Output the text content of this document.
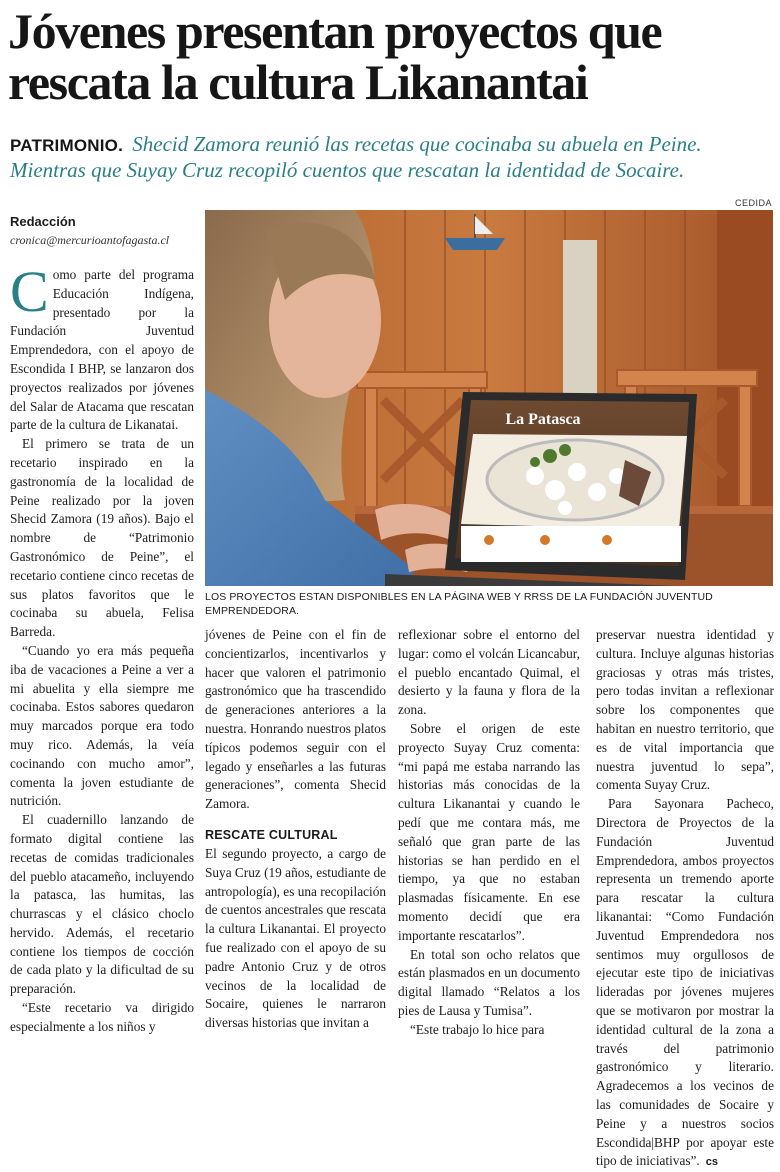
Jóvenes presentan proyectos que rescata la cultura Likanantai
PATRIMONIO. Shecid Zamora reunió las recetas que cocinaba su abuela en Peine. Mientras que Suyay Cruz recopiló cuentos que rescatan la identidad de Socaire.
Redacción
cronica@mercurioantofagasta.cl
CEDIDA
La Patasca
LOS PROYECTOS ESTAN DISPONIBLES EN LA PÁGINA WEB Y RRSS DE LA FUNDACIÓN JUVENTUD EMPRENDEDORA.

Como parte del programa Educación Indígena, presentado por la Fundación Juventud Emprendedora, con el apoyo de Escondida I BHP, se lanzaron dos proyectos realizados por jóvenes del Salar de Atacama que rescatan parte de la cultura de Likanatai.

El primero se trata de un recetario inspirado en la gastronomía de la localidad de Peine realizado por la joven Shecid Zamora (19 años). Bajo el nombre de “Patrimonio Gastronómico de Peine”, el recetario contiene cinco recetas de sus platos favoritos que le cocinaba su abuela, Felisa Barreda.

“Cuando yo era más pequeña iba de vacaciones a Peine a ver a mi abuelita y ella siempre me cocinaba. Estos sabores quedaron muy marcados porque era todo muy rico. Además, la veía cocinando con mucho amor”, comenta la joven estudiante de nutrición.

El cuadernillo lanzando de formato digital contiene las recetas de comidas tradicionales del pueblo atacameño, incluyendo la patasca, las humitas, las churrascas y el clásico choclo hervido. Además, el recetario contiene los tiempos de cocción de cada plato y la dificultad de su preparación.

“Este recetario va dirigido especialmente a los niños y

jóvenes de Peine con el fin de concientizarlos, incentivarlos y hacer que valoren el patrimonio gastronómico que ha trascendido de generaciones anteriores a la nuestra. Honrando nuestros platos típicos podemos seguir con el legado y enseñarles a las futuras generaciones”, comenta Shecid Zamora.

RESCATE CULTURAL

El segundo proyecto, a cargo de Suya Cruz (19 años, estudiante de antropología), es una recopilación de cuentos ancestrales que rescata la cultura Likanantai. El proyecto fue realizado con el apoyo de su padre Antonio Cruz y de otros vecinos de la localidad de Socaire, quienes le narraron diversas historias que invitan a

reflexionar sobre el entorno del lugar: como el volcán Licancabur, el pueblo encantado Quimal, el desierto y la fauna y flora de la zona.

Sobre el origen de este proyecto Suyay Cruz comenta: “mi papá me estaba narrando las historias más conocidas de la cultura Likanantai y cuando le pedí que me contara más, me señaló que gran parte de las historias se han perdido en el tiempo, ya que no estaban plasmadas físicamente. En ese momento decidí que era importante rescatarlos”.

En total son ocho relatos que están plasmados en un documento digital llamado “Relatos a los pies de Lausa y Tumisa”.

“Este trabajo lo hice para

preservar nuestra identidad y cultura. Incluye algunas historias graciosas y otras más tristes, pero todas invitan a reflexionar sobre los componentes que habitan en nuestro territorio, que es de vital importancia que nuestra juventud lo sepa”, comenta Suyay Cruz.

Para Sayonara Pacheco, Directora de Proyectos de la Fundación Juventud Emprendedora, ambos proyectos representa un tremendo aporte para rescatar la cultura likanantai: “Como Fundación Juventud Emprendedora nos sentimos muy orgullosos de ejecutar este tipo de iniciativas lideradas por jóvenes mujeres que se motivaron por mostrar la identidad cultural de la zona a través del patrimonio gastronómico y literario. Agradecemos a los vecinos de las comunidades de Socaire y Peine y a nuestros socios Escondida|BHP por apoyar este tipo de iniciativas”. cs
